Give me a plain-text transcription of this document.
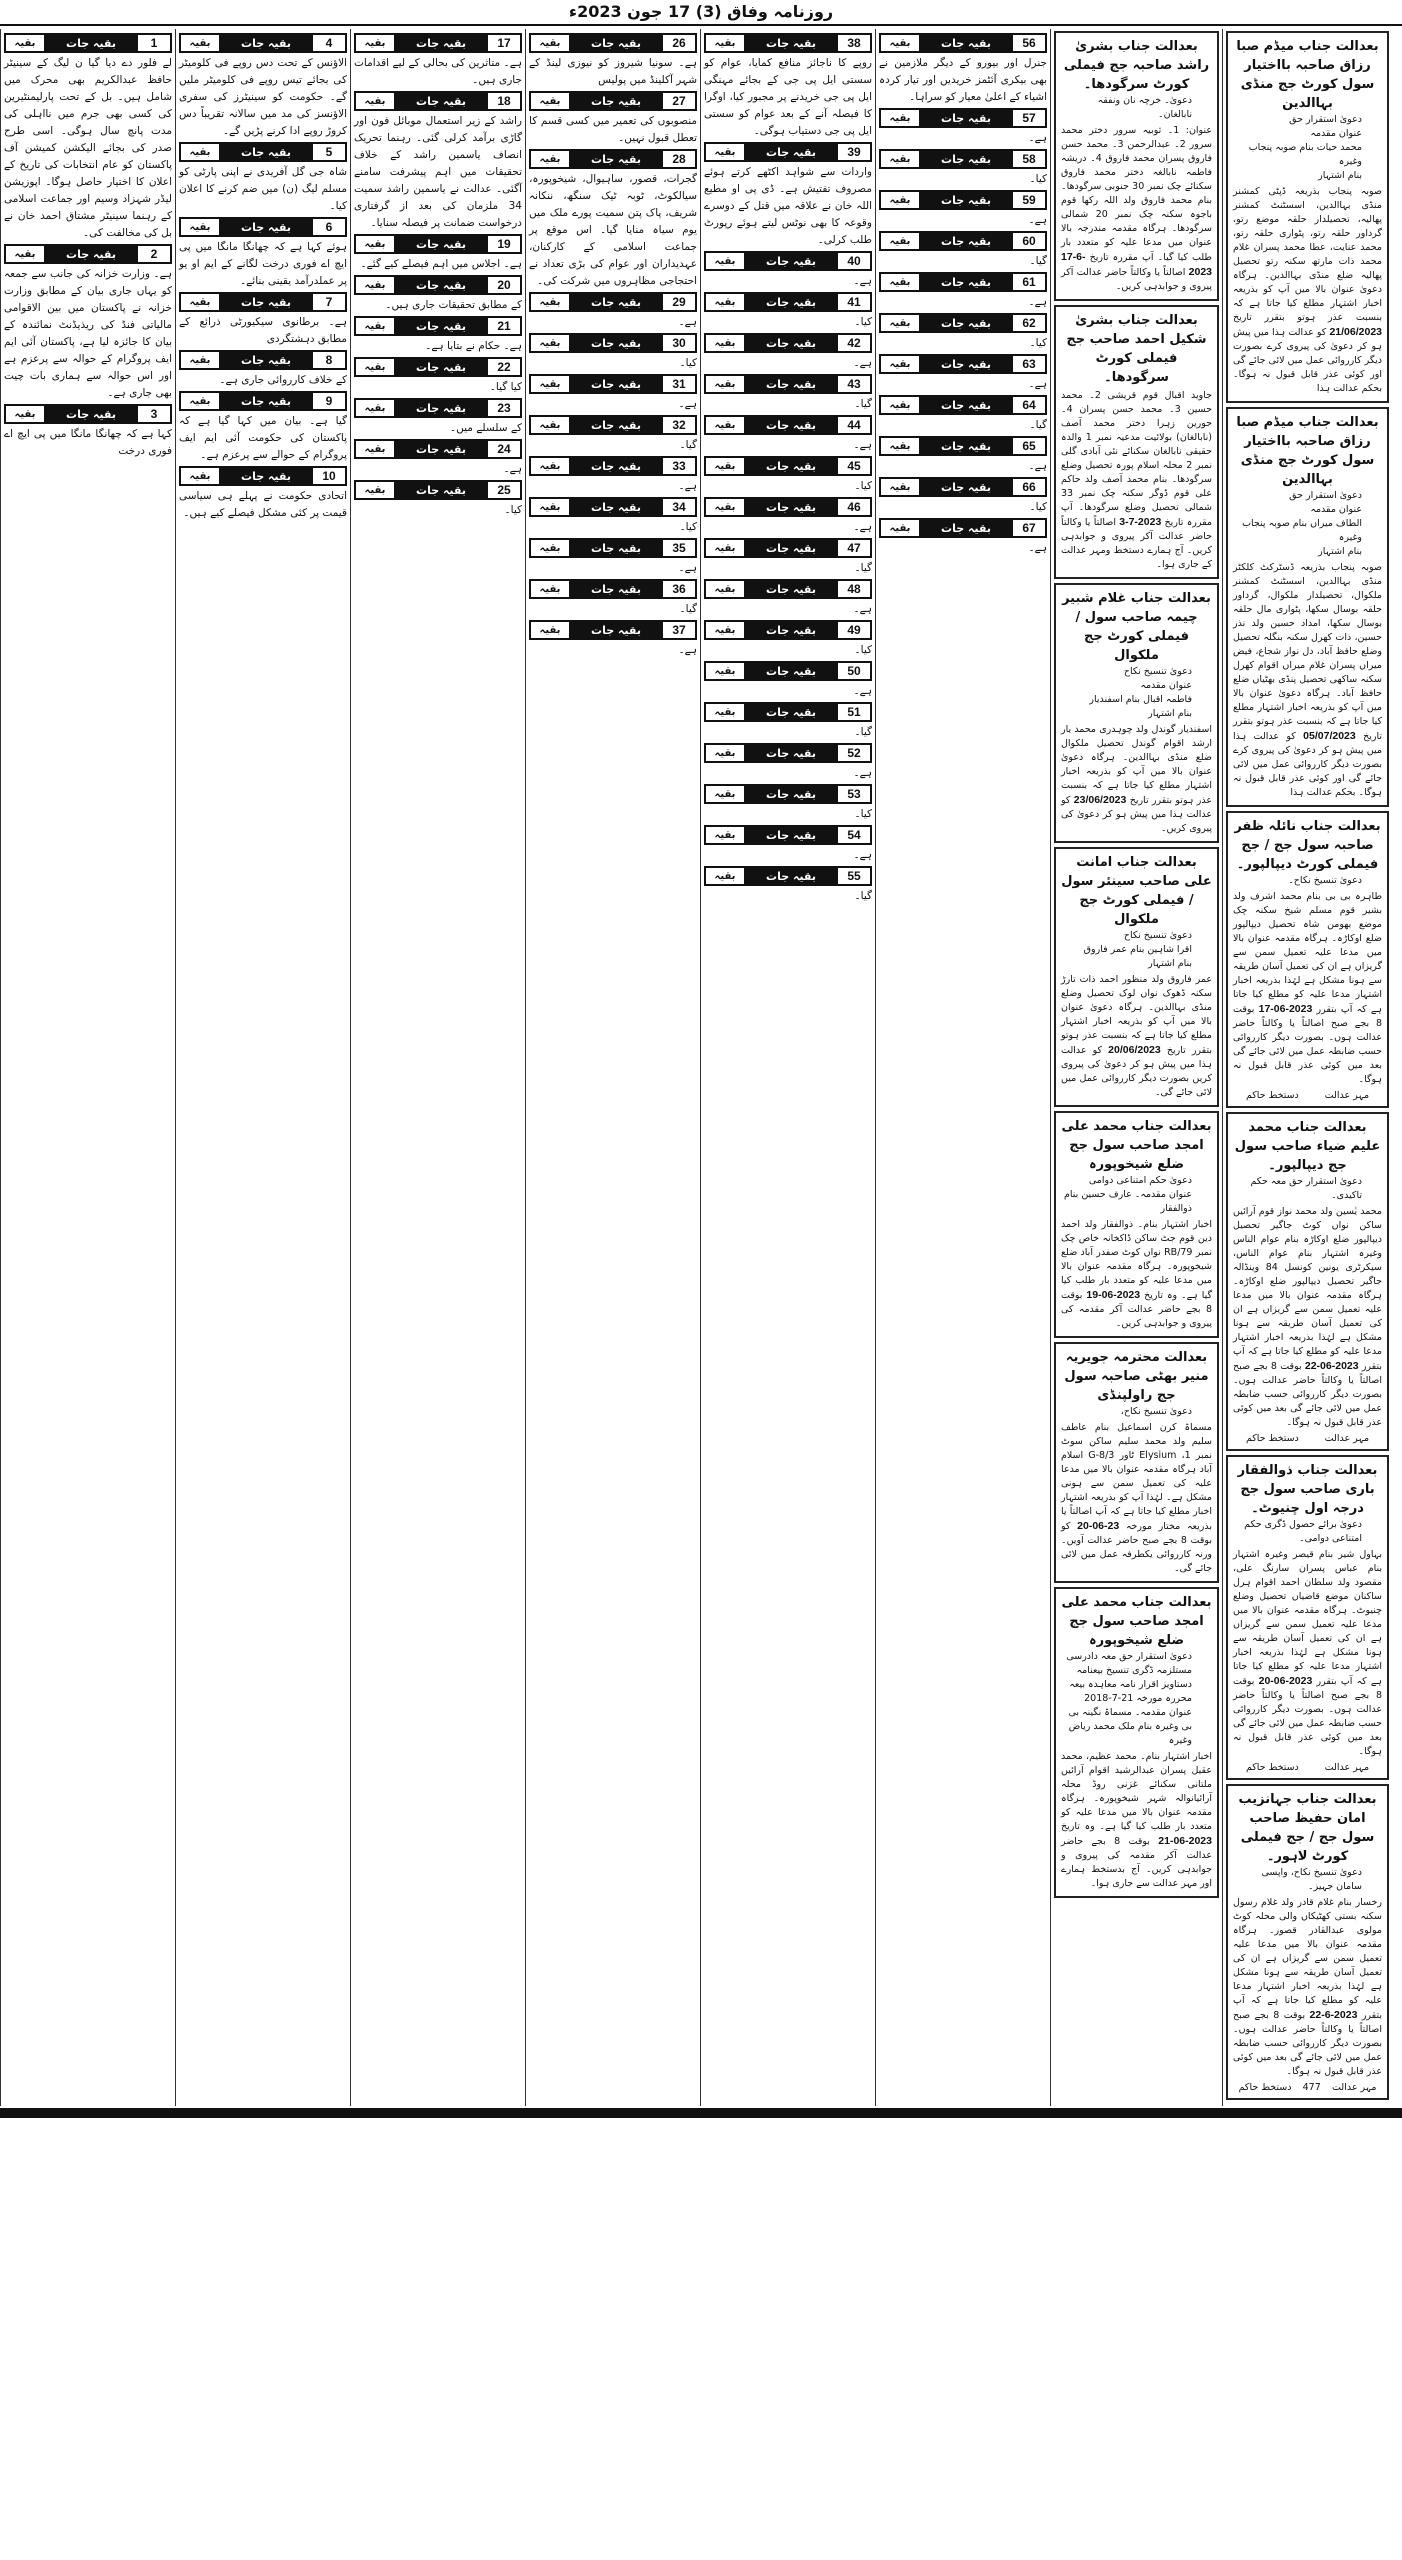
روزنامہ وفاق (3) 17 جون 2023ء
بقیہ	بقیہ جات	1

لے فلور دے دیا گیا ن لیگ کے سینیٹر حافظ عبدالکریم بھی محرک میں شامل ہیں۔ بل کے تحت پارلیمنٹیرین کی کسی بھی جرم میں نااہلی کی مدت پانچ سال ہوگی۔ اسی طرح صدر کی بجائے الیکشن کمیشن آف پاکستان کو عام انتخابات کی تاریخ کے اعلان کا اختیار حاصل ہوگا۔ اپوزیشن لیڈر شہزاد وسیم اور جماعت اسلامی کے رہنما سینیٹر مشتاق احمد خان نے بل کی مخالفت کی۔

بقیہ	بقیہ جات	2

ہے۔ وزارت خزانہ کی جانب سے جمعہ کو یہاں جاری بیان کے مطابق وزارت خزانہ نے پاکستان میں بین الاقوامی مالیاتی فنڈ کی ریذیڈنٹ نمائندہ کے بیان کا جائزہ لیا ہے، پاکستان آئی ایم ایف پروگرام کے حوالہ سے پرعزم ہے اور اس حوالہ سے ہماری بات چیت بھی جاری ہے۔

بقیہ	بقیہ جات	3

کہا ہے کہ چھانگا مانگا میں پی ایچ اے فوری درخت

بقیہ	بقیہ جات	4

الاؤنس کے تحت دس روپے فی کلومیٹر کی بجائے تیس روپے فی کلومیٹر ملیں گے۔ حکومت کو سینیٹرز کی سفری الاؤنسز کی مد میں سالانہ تقریباً دس کروڑ روپے ادا کرنے پڑیں گے۔

بقیہ	بقیہ جات	5

شاہ جی گل آفریدی نے اپنی پارٹی کو مسلم لیگ (ن) میں ضم کرنے کا اعلان کیا۔

بقیہ	بقیہ جات	6

ہوئے کہا ہے کہ چھانگا مانگا میں پی ایچ اے فوری درخت لگانے کے ایم او یو پر عملدرآمد یقینی بنائے۔

بقیہ	بقیہ جات	7

ہے۔ برطانوی سیکیورٹی ذرائع کے مطابق دہشتگردی

بقیہ	بقیہ جات	8

کے خلاف کارروائی جاری ہے۔

بقیہ	بقیہ جات	9

گیا ہے۔ بیان میں کہا گیا ہے کہ پاکستان کی حکومت آئی ایم ایف پروگرام کے حوالے سے پرعزم ہے۔

بقیہ	بقیہ جات	10

اتحادی حکومت نے پہلے ہی سیاسی قیمت پر کئی مشکل فیصلے کیے ہیں۔

بقیہ	بقیہ جات	17

ہے۔ متاثرین کی بحالی کے لیے اقدامات جاری ہیں۔

بقیہ	بقیہ جات	18

راشد کے زیر استعمال موبائل فون اور گاڑی برآمد کرلی گئی۔ رہنما تحریک انصاف یاسمین راشد کے خلاف تحقیقات میں اہم پیشرفت سامنے آگئی۔ عدالت نے یاسمین راشد سمیت 34 ملزمان کی بعد از گرفتاری درخواست ضمانت پر فیصلہ سنایا۔

بقیہ	بقیہ جات	19

ہے۔ اجلاس میں اہم فیصلے کیے گئے۔

بقیہ	بقیہ جات	20

کے مطابق تحقیقات جاری ہیں۔

بقیہ	بقیہ جات	21

ہے۔ حکام نے بتایا ہے۔

بقیہ	بقیہ جات	22

کیا گیا۔

بقیہ	بقیہ جات	23

کے سلسلے میں۔

بقیہ	بقیہ جات	24

ہے۔

بقیہ	بقیہ جات	25

کیا۔

بقیہ	بقیہ جات	26

ہے۔ سونیا شیروز کو نیوزی لینڈ کے شہر آکلینڈ میں پولیس

بقیہ	بقیہ جات	27

منصوبوں کی تعمیر میں کسی قسم کا تعطل قبول نہیں۔

بقیہ	بقیہ جات	28

گجرات، قصور، ساہیوال، شیخوپورہ، سیالکوٹ، ٹوبہ ٹیک سنگھ، ننکانہ شریف، پاک پتن سمیت پورے ملک میں یوم سیاہ منایا گیا۔ اس موقع پر جماعت اسلامی کے کارکنان، عہدیداران اور عوام کی بڑی تعداد نے احتجاجی مظاہروں میں شرکت کی۔

بقیہ	بقیہ جات	29

ہے۔

بقیہ	بقیہ جات	30

کیا۔

بقیہ	بقیہ جات	31

ہے۔

بقیہ	بقیہ جات	32

گیا۔

بقیہ	بقیہ جات	33

ہے۔

بقیہ	بقیہ جات	34

کیا۔

بقیہ	بقیہ جات	35

ہے۔

بقیہ	بقیہ جات	36

گیا۔

بقیہ	بقیہ جات	37

ہے۔

بقیہ	بقیہ جات	38

روپے کا ناجائز منافع کمایا، عوام کو سستی ایل پی جی کے بجائے مہنگی ایل پی جی خریدنے پر مجبور کیا، اوگرا کا فیصلہ آنے کے بعد عوام کو سستی ایل پی جی دستیاب ہوگی۔

بقیہ	بقیہ جات	39

واردات سے شواہد اکٹھے کرتے ہوئے مصروف تفتیش ہے۔ ڈی پی او مطیع اللہ خان نے علاقہ میں قتل کے دوسرے وقوعہ کا بھی نوٹس لیتے ہوئے رپورٹ طلب کرلی۔

بقیہ	بقیہ جات	40

ہے۔

بقیہ	بقیہ جات	41

کیا۔

بقیہ	بقیہ جات	42

ہے۔

بقیہ	بقیہ جات	43

گیا۔

بقیہ	بقیہ جات	44

ہے۔

بقیہ	بقیہ جات	45

کیا۔

بقیہ	بقیہ جات	46

ہے۔

بقیہ	بقیہ جات	47

گیا۔

بقیہ	بقیہ جات	48

ہے۔

بقیہ	بقیہ جات	49

کیا۔

بقیہ	بقیہ جات	50

ہے۔

بقیہ	بقیہ جات	51

گیا۔

بقیہ	بقیہ جات	52

ہے۔

بقیہ	بقیہ جات	53

کیا۔

بقیہ	بقیہ جات	54

ہے۔

بقیہ	بقیہ جات	55

گیا۔

بقیہ	بقیہ جات	56

جنرل اور بیورو کے دیگر ملازمین نے بھی بیکری آئٹمز خریدیں اور تیار کردہ اشیاء کے اعلیٰ معیار کو سراہا۔

بقیہ	بقیہ جات	57

ہے۔

بقیہ	بقیہ جات	58

کیا۔

بقیہ	بقیہ جات	59

ہے۔

بقیہ	بقیہ جات	60

گیا۔

بقیہ	بقیہ جات	61

ہے۔

بقیہ	بقیہ جات	62

کیا۔

بقیہ	بقیہ جات	63

ہے۔

بقیہ	بقیہ جات	64

گیا۔

بقیہ	بقیہ جات	65

ہے۔

بقیہ	بقیہ جات	66

کیا۔

بقیہ	بقیہ جات	67

ہے۔

بعدالت جناب بشریٰ راشد صاحبہ جج فیملی کورٹ سرگودھا۔
دعویٰ۔ خرچہ نان ونفقہ نابالغان۔

عنوان: 1۔ ثوبیہ سرور دختر محمد سرور 2۔ عبدالرحمن 3۔ محمد حسن فاروق پسران محمد فاروق 4۔ دریشہ فاطمہ نابالغہ دختر محمد فاروق سکنائے چک نمبر 30 جنوبی سرگودھا۔ بنام محمد فاروق ولد اللہ رکھا قوم باجوہ سکنہ چک نمبر 20 شمالی سرگودھا۔ ہرگاہ مقدمہ مندرجہ بالا عنوان میں مدعا علیہ کو متعدد بار طلب کیا گیا۔ آپ مقررہ تاریخ 17-6-2023 اصالتاً یا وکالتاً حاضر عدالت آکر پیروی و جوابدہی کریں۔

بعدالت جناب بشریٰ شکیل احمد صاحب جج فیملی کورٹ سرگودھا۔

جاوید اقبال قوم قریشی 2۔ محمد حسین 3۔ محمد حسن پسران 4۔ حورین زہرا دختر محمد آصف (نابالغان) بولائیت مدعیہ نمبر 1 والدہ حقیقی نابالغان سکنائے نئی آبادی گلی نمبر 2 محلہ اسلام پورہ تحصیل وضلع سرگودھا۔ بنام محمد آصف ولد حاکم علی قوم ڈوگر سکنہ چک نمبر 33 شمالی تحصیل وضلع سرگودھا۔ آپ مقررہ تاریخ 3-7-2023 اصالتاً یا وکالتاً حاضر عدالت آکر پیروی و جوابدہی کریں۔ آج ہمارے دستخط ومہر عدالت کے جاری ہوا۔

بعدالت جناب غلام شبیر چیمہ صاحب سول / فیملی کورٹ جج ملکوال
دعویٰ تنسیخ نکاح
عنوان مقدمہ
فاطمہ اقبال بنام اسفندیار
بنام اشتہار

اسفندیار گوندل ولد چوہدری محمد یار ارشد اقوام گوندل تحصیل ملکوال ضلع منڈی بہاالدین۔ ہرگاہ دعویٰ عنوان بالا میں آپ کو بذریعہ اخبار اشتہار مطلع کیا جاتا ہے کہ بنسبت عذر ہوتو بتقرر تاریخ 23/06/2023 کو عدالت ہذا میں پیش ہو کر دعویٰ کی پیروی کریں۔

بعدالت جناب امانت علی صاحب سینئر سول / فیملی کورٹ جج ملکوال
دعویٰ تنسیخ نکاح
اقرا شاہین بنام عمر فاروق
بنام اشتہار

عمر فاروق ولد منظور احمد ذات تارڑ سکنہ ڈھوک نواں لوک تحصیل وضلع منڈی بہاالدین۔ ہرگاہ دعویٰ عنوان بالا میں آپ کو بذریعہ اخبار اشتہار مطلع کیا جاتا ہے کہ بنسبت عذر ہوتو بتقرر تاریخ 20/06/2023 کو عدالت ہذا میں پیش ہو کر دعویٰ کی پیروی کریں بصورت دیگر کارروائی عمل میں لائی جائے گی۔

بعدالت جناب محمد علی امجد صاحب سول جج ضلع شیخوپورہ
دعویٰ حکم امتناعی دوامی
عنوان مقدمہ۔ عارف حسین بنام ذوالفقار

اخبار اشتہار بنام۔ ذوالفقار ولد احمد دین قوم جٹ ساکن ڈاکخانہ خاص چک نمبر 79/RB نواں کوٹ صفدر آباد ضلع شیخوپورہ۔ ہرگاہ مقدمہ عنوان بالا میں مدعا علیہ کو متعدد بار طلب کیا گیا ہے۔ وہ تاریخ 19-06-2023 بوقت 8 بجے حاضر عدالت آکر مقدمہ کی پیروی و جوابدہی کریں۔

بعدالت محترمہ جویریہ منیر بھٹی صاحبہ سول جج راولپنڈی
دعویٰ تنسیخ نکاح،

مسماۃ کرن اسماعیل بنام عاطف سلیم ولد محمد سلیم ساکن سوٹ نمبر 1، Elysium ٹاور G-8/3 اسلام آباد ہرگاہ مقدمہ عنوان بالا میں مدعا علیہ کی تعمیل سمن سے ہونی مشکل ہے۔ لہٰذا آپ کو بذریعہ اشتہار اخبار مطلع کیا جاتا ہے کہ آپ اصالتاً یا بذریعہ مختار مورخہ 20-06-23 کو بوقت 8 بجے صبح حاضر عدالت آویں۔ ورنہ کارروائی یکطرفہ عمل میں لائی جائے گی۔

بعدالت جناب محمد علی امجد صاحب سول جج ضلع شیخوپورہ
دعویٰ استقرار حق معہ دادرسی مستلزمہ ڈگری تنسیخ بیعنامہ دستاویز اقرار نامہ معاہدہ بیعہ محررہ مورخہ 21-7-2018
عنوان مقدمہ۔ مسماۃ نگینہ بی بی وغیرہ بنام ملک محمد ریاض وغیرہ

اخبار اشتہار بنام۔ محمد عظیم، محمد عقیل پسران عبدالرشید اقوام آرائیں ملتانی سکنائے غزنی روڈ محلہ آرائیانوالہ شہر شیخوپورہ۔ ہرگاہ مقدمہ عنوان بالا میں مدعا علیہ کو متعدد بار طلب کیا گیا ہے۔ وہ تاریخ 21-06-2023 بوقت 8 بجے حاضر عدالت آکر مقدمہ کی پیروی و جوابدہی کریں۔ آج بدستخط ہمارے اور مہر عدالت سے جاری ہوا۔

بعدالت جناب میڈم صبا رزاق صاحبہ بااختیار سول کورٹ جج منڈی بہاالدین
دعویٰ استقرار حق
عنوان مقدمہ
محمد حیات بنام صوبہ پنجاب وغیرہ
بنام اشتہار

صوبہ پنجاب بذریعہ ڈپٹی کمشنر منڈی بہاالدین، اسسٹنٹ کمشنر پھالیہ، تحصیلدار حلقہ موضع رتو، گرداور حلقہ رتو، پٹواری حلقہ رتو، محمد عنایت، عطا محمد پسران غلام محمد ذات مارتھ سکنہ رتو تحصیل پھالیہ ضلع منڈی بہاالدین۔ ہرگاہ دعویٰ عنوان بالا میں آپ کو بذریعہ اخبار اشتہار مطلع کیا جاتا ہے کہ بنسبت عذر ہوتو بتقرر تاریخ 21/06/2023 کو عدالت ہذا میں پیش ہو کر دعویٰ کی پیروی کرے بصورت دیگر کارروائی عمل میں لائی جائے گی اور کوئی عذر قابل قبول نہ ہوگا۔ بحکم عدالت ہذا

بعدالت جناب میڈم صبا رزاق صاحبہ بااختیار سول کورٹ جج منڈی بہاالدین
دعویٰ استقرار حق
عنوان مقدمہ
الطاف میراں بنام صوبہ پنجاب وغیرہ
بنام اشتہار

صوبہ پنجاب بذریعہ ڈسٹرکٹ کلکٹر منڈی بہاالدین، اسسٹنٹ کمشنر ملکوال، تحصیلدار ملکوال، گرداور حلقہ بوسال سکھا، پٹواری مال حلقہ بوسال سکھا، امداد حسین ولد نذر حسین، ذات کھرل سکنہ بنگلہ تحصیل وضلع حافظ آباد، دل نواز شجاع، فیض میراں پسران غلام میراں اقوام کھرل سکنہ ساکھی تحصیل پنڈی بھٹیاں ضلع حافظ آباد۔ ہرگاہ دعویٰ عنوان بالا میں آپ کو بذریعہ اخبار اشتہار مطلع کیا جاتا ہے کہ بنسبت عذر ہوتو بتقرر تاریخ 05/07/2023 کو عدالت ہذا میں پیش ہو کر دعویٰ کی پیروی کرے بصورت دیگر کارروائی عمل میں لائی جائے گی اور کوئی عذر قابل قبول نہ ہوگا۔ بحکم عدالت ہذا

بعدالت جناب نائلہ ظفر صاحبہ سول جج / جج فیملی کورٹ دیپالپور۔
دعویٰ تنسیخ نکاح۔

طاہرہ بی بی بنام محمد اشرف ولد بشیر قوم مسلم شیخ سکنہ چک موضع بھومن شاہ تحصیل دیپالپور ضلع اوکاڑہ۔ ہرگاہ مقدمہ عنوان بالا میں مدعا علیہ تعمیل سمن سے گریزاں ہے ان کی تعمیل آسان طریقہ سے ہونا مشکل ہے لہٰذا بذریعہ اخبار اشتہار مدعا علیہ کو مطلع کیا جاتا ہے کہ آپ بتقرر 17-06-2023 بوقت 8 بجے صبح اصالتاً یا وکالتاً حاضر عدالت ہوں۔ بصورت دیگر کارروائی حسب ضابطہ عمل میں لائی جائے گی بعد میں کوئی عذر قابل قبول نہ ہوگا۔

مہر عدالت
دستخط حاکم
بعدالت جناب محمد علیم ضیاء صاحب سول جج دیپالپور۔
دعویٰ استقرار حق معہ حکم تاکیدی۔

محمد یٰسین ولد محمد نواز قوم آرائیں ساکن نواں کوٹ جاگیر تحصیل دیپالپور ضلع اوکاڑہ بنام عوام الناس وغیرہ اشتہار بنام عوام الناس، سیکرٹری یونین کونسل 84 وینڈالہ جاگیر تحصیل دیپالپور ضلع اوکاڑہ۔ ہرگاہ مقدمہ عنوان بالا میں مدعا علیہ تعمیل سمن سے گریزاں ہے ان کی تعمیل آسان طریقہ سے ہونا مشکل ہے لہٰذا بذریعہ اخبار اشتہار مدعا علیہ کو مطلع کیا جاتا ہے کہ آپ بتقرر 22-06-2023 بوقت 8 بجے صبح اصالتاً یا وکالتاً حاضر عدالت ہوں۔ بصورت دیگر کارروائی حسب ضابطہ عمل میں لائی جائے گی بعد میں کوئی عذر قابل قبول نہ ہوگا۔

مہر عدالت
دستخط حاکم
بعدالت جناب ذوالفقار باری صاحب سول جج درجہ اول چنیوٹ۔
دعویٰ برائے حصول ڈگری حکم امتناعی دوامی۔

بہاول شیر بنام قیصر وغیرہ اشتہار بنام عباس پسران سارنگ علی، مقصود ولد سلطان احمد اقوام ہرل ساکنان موضع قاضیاں تحصیل وضلع چنیوٹ۔ ہرگاہ مقدمہ عنوان بالا میں مدعا علیہ تعمیل سمن سے گریزاں ہے ان کی تعمیل آسان طریقہ سے ہونا مشکل ہے لہٰذا بذریعہ اخبار اشتہار مدعا علیہ کو مطلع کیا جاتا ہے کہ آپ بتقرر 20-06-2023 بوقت 8 بجے صبح اصالتاً یا وکالتاً حاضر عدالت ہوں۔ بصورت دیگر کارروائی حسب ضابطہ عمل میں لائی جائے گی بعد میں کوئی عذر قابل قبول نہ ہوگا۔

مہر عدالت
دستخط حاکم
بعدالت جناب جہانزیب امان حفیظ صاحب سول جج / جج فیملی کورٹ لاہور۔
دعویٰ تنسیخ نکاح، واپسی سامان جہیز۔

رخسار بنام غلام قادر ولد غلام رسول سکنہ بستی کھٹیکاں والی محلہ کوٹ مولوی عبدالقادر قصور۔ ہرگاہ مقدمہ عنوان بالا میں مدعا علیہ تعمیل سمن سے گریزاں ہے ان کی تعمیل آسان طریقہ سے ہونا مشکل ہے لہٰذا بذریعہ اخبار اشتہار مدعا علیہ کو مطلع کیا جاتا ہے کہ آپ بتقرر 22-6-2023 بوقت 8 بجے صبح اصالتاً یا وکالتاً حاضر عدالت ہوں۔ بصورت دیگر کارروائی حسب ضابطہ عمل میں لائی جائے گی بعد میں کوئی عذر قابل قبول نہ ہوگا۔

مہر عدالت
477
دستخط حاکم
